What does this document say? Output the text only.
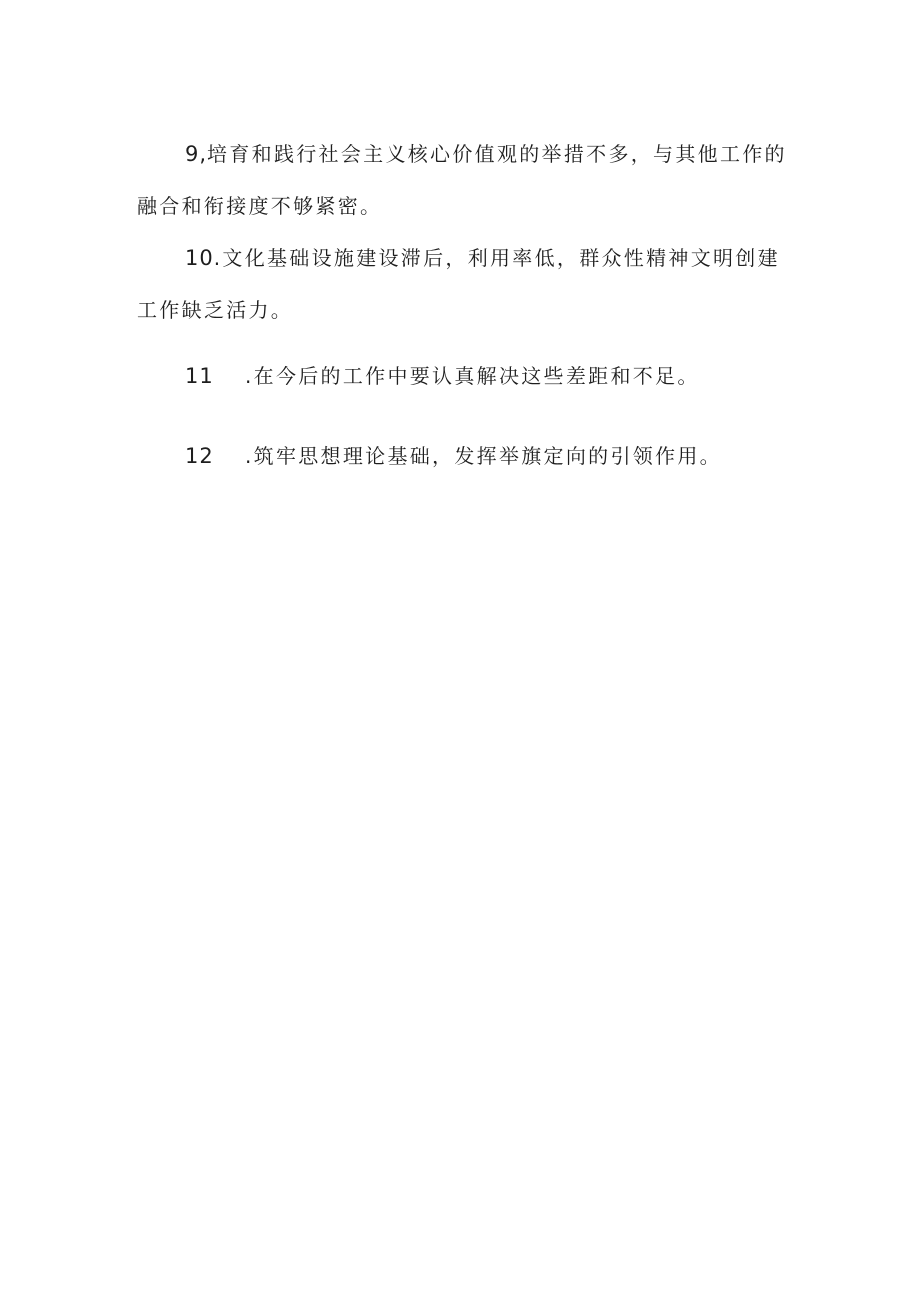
9,培育和践行社会主义核心价值观的举措不多，与其他工作的融合和衔接度不够紧密。

10.文化基础设施建设滞后，利用率低，群众性精神文明创建工作缺乏活力。

11 .在今后的工作中要认真解决这些差距和不足。

12 .筑牢思想理论基础，发挥举旗定向的引领作用。
